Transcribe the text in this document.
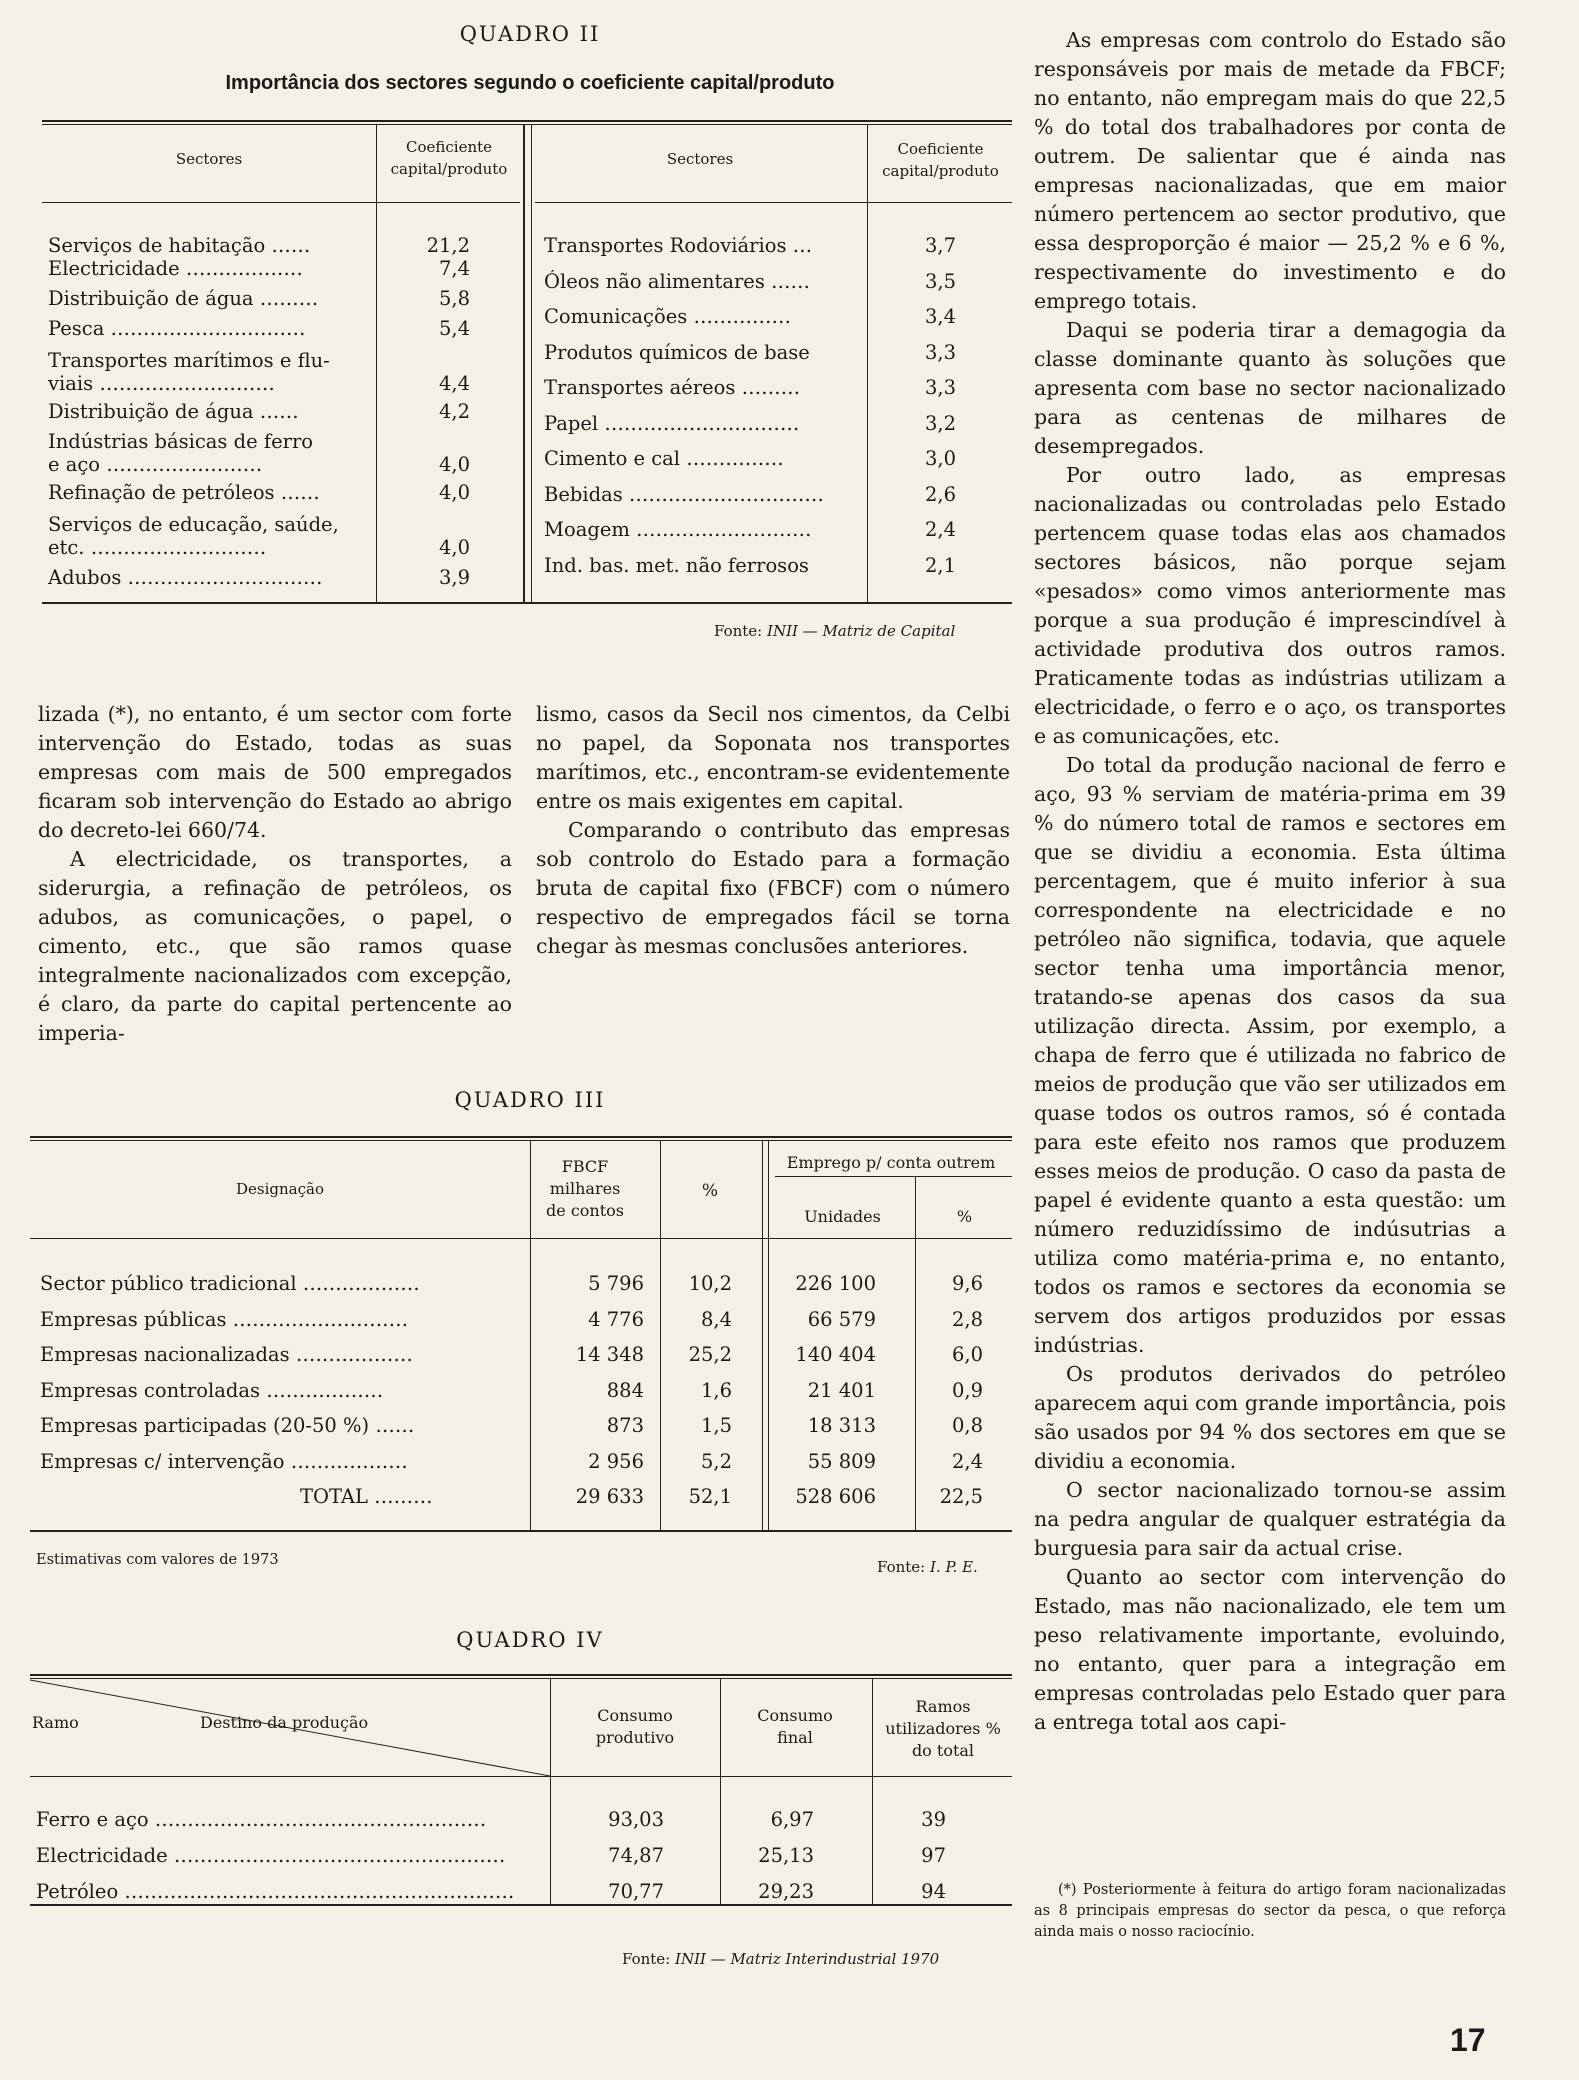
QUADRO II
Importância dos sectores segundo o coeficiente capital/produto
Sectores
Coeficiente capital/produto
Sectores
Coeficiente capital/produto
Serviços de habitação ……	21,2
Electricidade ………………	7,4
Distribuição de água ………	5,8
Pesca …………………………	5,4
Transportes marítimos e flu-
viais ………………………	4,4
Distribuição de água ……	4,2
Indústrias básicas de ferro
e aço ……………………	4,0
Refinação de petróleos ……	4,0
Serviços de educação, saúde,
etc. ………………………	4,0
Adubos …………………………	3,9
Transportes Rodoviários …	3,7
Óleos não alimentares ……	3,5
Comunicações ……………	3,4
Produtos químicos de base	3,3
Transportes aéreos ………	3,3
Papel …………………………	3,2
Cimento e cal ……………	3,0
Bebidas …………………………	2,6
Moagem ………………………	2,4
Ind. bas. met. não ferrosos	2,1
Fonte: INII — Matriz de Capital

lizada (*), no entanto, é um sector com forte intervenção do Estado, todas as suas empresas com mais de 500 empregados ficaram sob intervenção do Estado ao abrigo do decreto-lei 660/74.

A electricidade, os transportes, a siderurgia, a refinação de petróleos, os adubos, as comunicações, o papel, o cimento, etc., que são ramos quase integralmente nacionalizados com excepção, é claro, da parte do capital pertencente ao imperia-

lismo, casos da Secil nos cimentos, da Celbi no papel, da Soponata nos transportes marítimos, etc., encontram-se evidentemente entre os mais exigentes em capital.

Comparando o contributo das empresas sob controlo do Estado para a formação bruta de capital fixo (FBCF) com o número respectivo de empregados fácil se torna chegar às mesmas conclusões anteriores.

QUADRO III
Designação
FBCF milhares de contos
%
Emprego p/ conta outrem
Unidades	%
Sector público tradicional ………………	5 796	10,2	226 100	9,6
Empresas públicas ………………………	4 776	8,4	66 579	2,8
Empresas nacionalizadas ………………	14 348	25,2	140 404	6,0
Empresas controladas ………………	884	1,6	21 401	0,9
Empresas participadas (20-50 %) ……	873	1,5	18 313	0,8
Empresas c/ intervenção ………………	2 956	5,2	55 809	2,4
TOTAL ………	29 633	52,1	528 606	22,5
Estimativas com valores de 1973	Fonte: I. P. E.
QUADRO IV
Ramo	Destino da produção	Consumo produtivo
Consumo final
Ramos utilizadores % do total
Ferro e aço ……………………………………………	93,03	6,97	39
Electricidade ……………………………………………	74,87	25,13	97
Petróleo ……………………………………………………	70,77	29,23	94
Fonte: INII — Matriz Interindustrial 1970

As empresas com controlo do Estado são responsáveis por mais de metade da FBCF; no entanto, não empregam mais do que 22,5 % do total dos trabalhadores por conta de outrem. De salientar que é ainda nas empresas nacionalizadas, que em maior número pertencem ao sector produtivo, que essa desproporção é maior — 25,2 % e 6 %, respectivamente do investimento e do emprego totais.

Daqui se poderia tirar a demagogia da classe dominante quanto às soluções que apresenta com base no sector nacionalizado para as centenas de milhares de desempregados.

Por outro lado, as empresas nacionalizadas ou controladas pelo Estado pertencem quase todas elas aos chamados sectores básicos, não porque sejam «pesados» como vimos anteriormente mas porque a sua produção é imprescindível à actividade produtiva dos outros ramos. Praticamente todas as indústrias utilizam a electricidade, o ferro e o aço, os transportes e as comunicações, etc.

Do total da produção nacional de ferro e aço, 93 % serviam de matéria-prima em 39 % do número total de ramos e sectores em que se dividiu a economia. Esta última percentagem, que é muito inferior à sua correspondente na electricidade e no petróleo não significa, todavia, que aquele sector tenha uma importância menor, tratando-se apenas dos casos da sua utilização directa. Assim, por exemplo, a chapa de ferro que é utilizada no fabrico de meios de produção que vão ser utilizados em quase todos os outros ramos, só é contada para este efeito nos ramos que produzem esses meios de produção. O caso da pasta de papel é evidente quanto a esta questão: um número reduzidíssimo de indúsutrias a utiliza como matéria-prima e, no entanto, todos os ramos e sectores da economia se servem dos artigos produzidos por essas indústrias.

Os produtos derivados do petróleo aparecem aqui com grande importância, pois são usados por 94 % dos sectores em que se dividiu a economia.

O sector nacionalizado tornou-se assim na pedra angular de qualquer estratégia da burguesia para sair da actual crise.

Quanto ao sector com intervenção do Estado, mas não nacionalizado, ele tem um peso relativamente importante, evoluindo, no entanto, quer para a integração em empresas controladas pelo Estado quer para a entrega total aos capi-

(*) Posteriormente à feitura do artigo foram nacionalizadas as 8 principais empresas do sector da pesca, o que reforça ainda mais o nosso raciocínio.
17
